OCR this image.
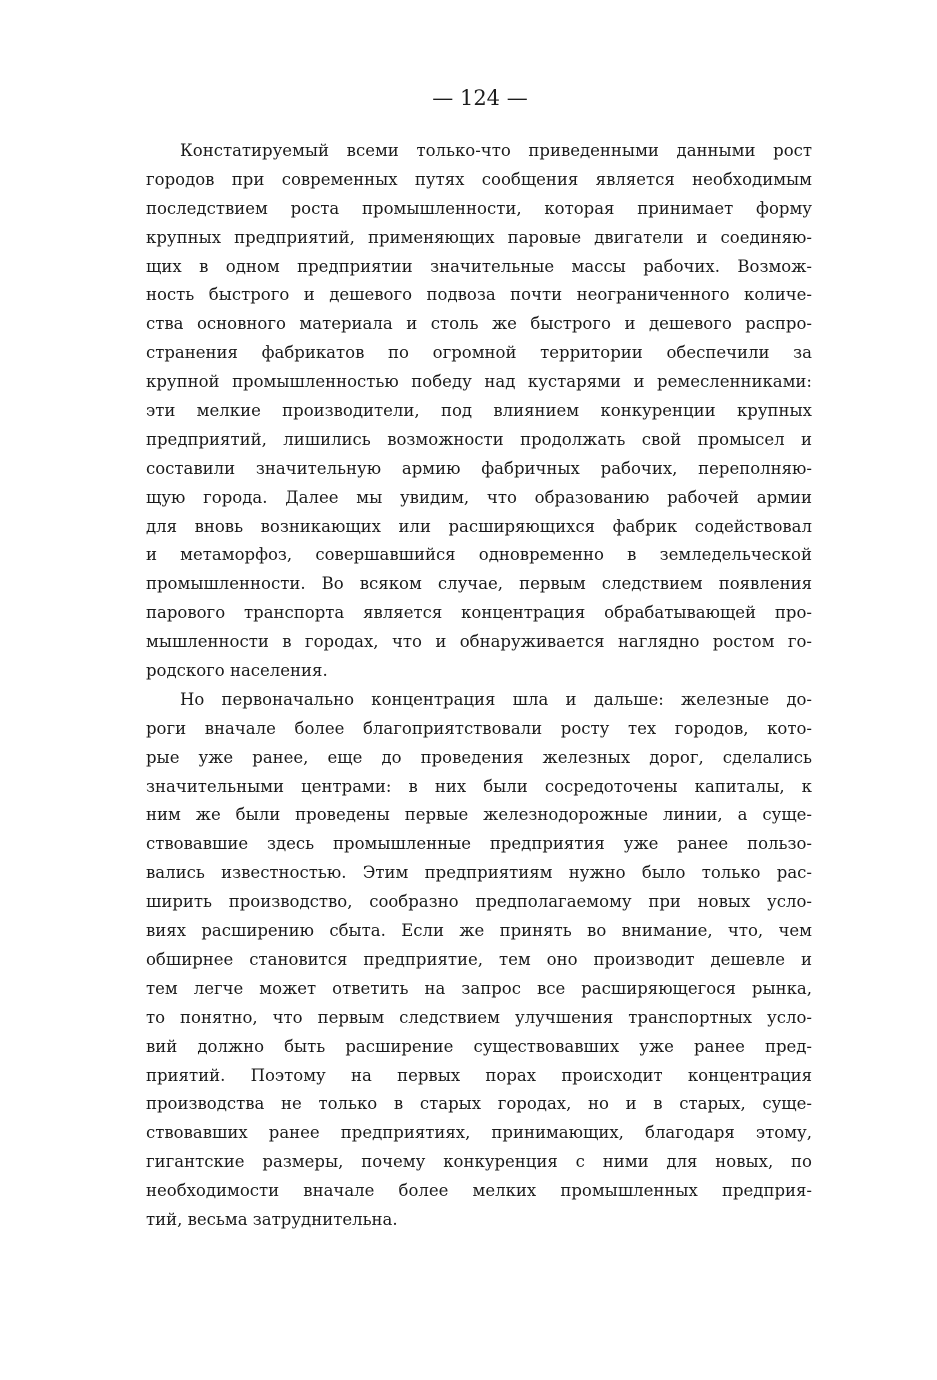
— 124 —
Констатируемый всеми только-что приведенными данными рост
городов при современных путях сообщения является необходимым
последствием роста промышленности, которая принимает форму
крупных предприятий, применяющих паровые двигатели и соединяю-
щих в одном предприятии значительные массы рабочих. Возмож-
ность быстрого и дешевого подвоза почти неограниченного количе-
ства основного материала и столь же быстрого и дешевого распро-
странения фабрикатов по огромной территории обеспечили за
крупной промышленностью победу над кустарями и ремесленниками:
эти мелкие производители, под влиянием конкуренции крупных
предприятий, лишились возможности продолжать свой промысел и
составили значительную армию фабричных рабочих, переполняю-
щую города. Далее мы увидим, что образованию рабочей армии
для вновь возникающих или расширяющихся фабрик содействовал
и метаморфоз, совершавшийся одновременно в земледельческой
промышленности. Во всяком случае, первым следствием появления
парового транспорта является концентрация обрабатывающей про-
мышленности в городах, что и обнаруживается наглядно ростом го-
родского населения.
Но первоначально концентрация шла и дальше: железные до-
роги вначале более благоприятствовали росту тех городов, кото-
рые уже ранее, еще до проведения железных дорог, сделались
значительными центрами: в них были сосредоточены капиталы, к
ним же были проведены первые железнодорожные линии, а суще-
ствовавшие здесь промышленные предприятия уже ранее пользо-
вались известностью. Этим предприятиям нужно было только рас-
ширить производство, сообразно предполагаемому при новых усло-
виях расширению сбыта. Если же принять во внимание, что, чем
обширнее становится предприятие, тем оно производит дешевле и
тем легче может ответить на запрос все расширяющегося рынка,
то понятно, что первым следствием улучшения транспортных усло-
вий должно быть расширение существовавших уже ранее пред-
приятий. Поэтому на первых порах происходит концентрация
производства не только в старых городах, но и в старых, суще-
ствовавших ранее предприятиях, принимающих, благодаря этому,
гигантские размеры, почему конкуренция с ними для новых, по
необходимости вначале более мелких промышленных предприя-
тий, весьма затруднительна.
